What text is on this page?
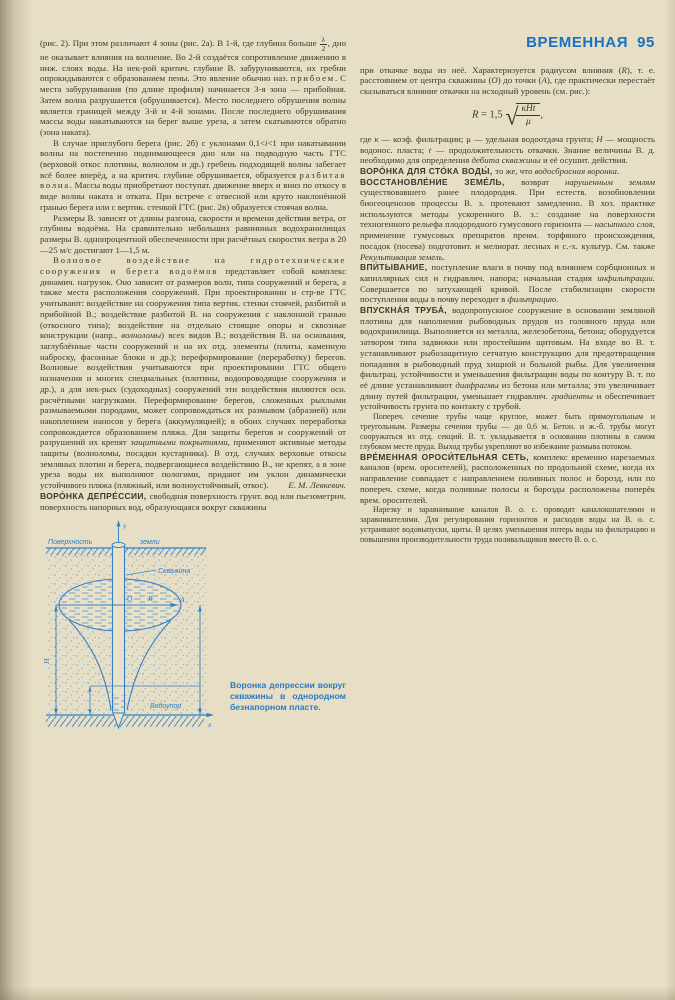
(рис. 2). При этом различают 4 зоны (рис. 2а). В 1-й, где глубина больше $\frac{\lambda}{2}$ , дно не оказывает влияния на волнение. Во 2-й создаётся сопротивление движению в ниж. слоях воды. На нек-рой критич. глубине В. забуруниваются, их гребни опрокидываются с образованием пены. Это явление обычно наз. прибоем. С места забурунивания (по длине профиля) начинается 3-я зона — прибойная. Затем волна разрушается (обрушивается). Место последнего обрушения волны является границей между 3-й и 4-й зонами. После последнего обрушивания массы воды накатываются на берег выше уреза, а затем скатываются обратно (зона наката).

В случае приглубого берега (рис. 2б) с уклонами 0,1<i<1 при накатывании волны на постепенно поднимающееся дно или на подводную часть ГТС (верховой откос плотины, волнолом и др.) гребень подходящей волны забегает всё более вперёд, а на критич. глубине обрушивается, образуется разбитая волна. Массы воды приобретают поступат. движение вверх и вниз по откосу в виде волны наката и отката. При встрече с отвесной или круто наклонённой гранью берега или с вертик. стенкой ГТС (рис. 2в) образуется стоячая волна.

Размеры В. зависят от длины разгона, скорости и времени действия ветра, от глубины водоёма. На сравнительно небольших равнинных водохранилищах размеры В. однопроцентной обеспеченности при расчётных скоростях ветра в 20—25 м/с достигают 1—1,5 м.

Волновое воздействие на гидротехнические сооружения и берега водоёмов представляет собой комплекс динамич. нагрузок. Оно зависит от размеров волн, типа сооружений и берега, а также места расположения сооружений. При проектировании и стр-ве ГТС учитывают: воздействие на сооружения типа вертик. стенки стоячей, разбитой и прибойной В.; воздействие разбитой В. на сооружения с наклонной гранью (откосного типа); воздействие на отдельно стоящие опоры и сквозные конструкции (напр., волноломы) всех видов В.; воздействия В. на основания, заглублённые части сооружений и на их отд. элементы (плиты, каменную наброску, фасонные блоки и др.); переформирование (переработку) берегов. Волновые воздействия учитываются при проектировании ГТС общего назначения и многих специальных (плотины, водопроводящие сооружения и др.), а для нек-рых (судоходных) сооружений эти воздействия являются осн. расчётными нагрузками. Переформирование берегов, сложенных рыхлыми размываемыми породами, может сопровождаться их размывом (абразией) или накоплением наносов у берега (аккумуляцией); в обоих случаях переработка сопровождается образованием пляжа. Для защиты берегов и сооружений от разрушений их крепят защитными покрытиями, применяют активные методы защиты (волноломы, посадки кустарника). В отд. случаях верховые откосы земляных плотин и берега, подвергающиеся воздействию В., не крепят, а в зоне уреза воды их выполняют пологими, придают им уклон динамически устойчивого пляжа (пляжный, или волноустойчивый, откос).	Е. М. Левкевич.

ВОРО́НКА ДЕПРЕ́ССИИ, свободная поверхность грунт. вод или пьезометрич. поверхность напорных вод, образующаяся вокруг скважины

y
Поверхность	земли
Скважина
O R	A
H
Водоупор
x
Воронка депрессии вокруг скважины в однородном безнапорном пласте.
ВРЕМЕННАЯ 95

при откачке воды из неё. Характеризуется радиусом влияния (R), т. е. расстоянием от центра скважины (O) до точки (A), где практически перестаёт сказываться влияние откачки на исходный уровень (см. рис.):

R = 1,5 √ $\frac{\text{кHt}}{\mu}$ ,

где к — коэф. фильтрации; μ — удельная водоотдача грунта; H — мощность водонос. пласта; t — продолжительность откачки. Знание величины В. д. необходимо для определения дебита скважины и её осушит. действия.

ВОРО́НКА ДЛЯ СТО́КА ВОДЫ́, то же, что водосбросная воронка.

ВОССТАНОВЛЕ́НИЕ ЗЕМЕ́ЛЬ, возврат нарушенным землям существовавшего ранее плодородия. При естеств. возобновлении биогеоценозов процессы В. з. протекают замедленно. В хоз. практике используются методы ускоренного В. з.: создание на поверхности техногенного рельефа плодородного гумусового горизонта — насыпного слоя, применение гумусовых препаратов преим. торфяного происхождения, посадок (посева) подготовит. и мелиорат. лесных и с.-х. культур. См. также Рекультивация земель.

ВПИ́ТЫВАНИЕ, поступление влаги в почву под влиянием сорбционных и капиллярных сил и гидравлич. напора; начальная стадия инфильтрации. Совершается по затухающей кривой. После стабилизации скорости поступления воды в почву переходит в фильтрацию.

ВПУСКНА́Я ТРУБА́, водопропускное сооружение в основании земляной плотины для наполнения рыбоводных прудов из головного пруда или водохранилища. Выполняется из металла, железобетона, бетона; оборудуется затвором типа задвижки или простейшим щитовым. На входе во В. т. устанавливают рыбозащитную сетчатую конструкцию для предотвращения попадания в рыбоводный пруд хищной и больной рыбы. Для увеличения фильтрац. устойчивости и уменьшения фильтрации воды по контуру В. т. по её длине устанавливают диафрагмы из бетона или металла; это увеличивает длину путей фильтрации, уменьшает гидравлич. градиенты и обеспечивает устойчивость грунта по контакту с трубой.

Попереч. сечение трубы чаще круглое, может быть прямоугольным и треугольным. Размеры сечения трубы — до 0,6 м. Бетон. и ж.-б. трубы могут сооружаться из отд. секций. В. т. укладывается в основании плотины в самом глубоком месте пруда. Выход трубы укрепляют во избежание размыва потоком.

ВРЕ́МЕННАЯ ОРОСИ́ТЕЛЬНАЯ СЕТЬ, комплекс временно нарезаемых каналов (врем. оросителей), расположенных по продольной схеме, когда их направление совпадает с направлением поливных полос и борозд, или по попереч. схеме, когда поливные полосы и борозды расположены поперёк врем. оросителей.

Нарезку и заравнивание каналов В. о. с. проводят каналокопателями и заравнивателями. Для регулирования горизонтов и расходов воды на В. о. с. устраивают водовыпуски, щиты. В целях уменьшения потерь воды на фильтрацию и повышения производительности труда поливальщиков вместо В. о. с.
